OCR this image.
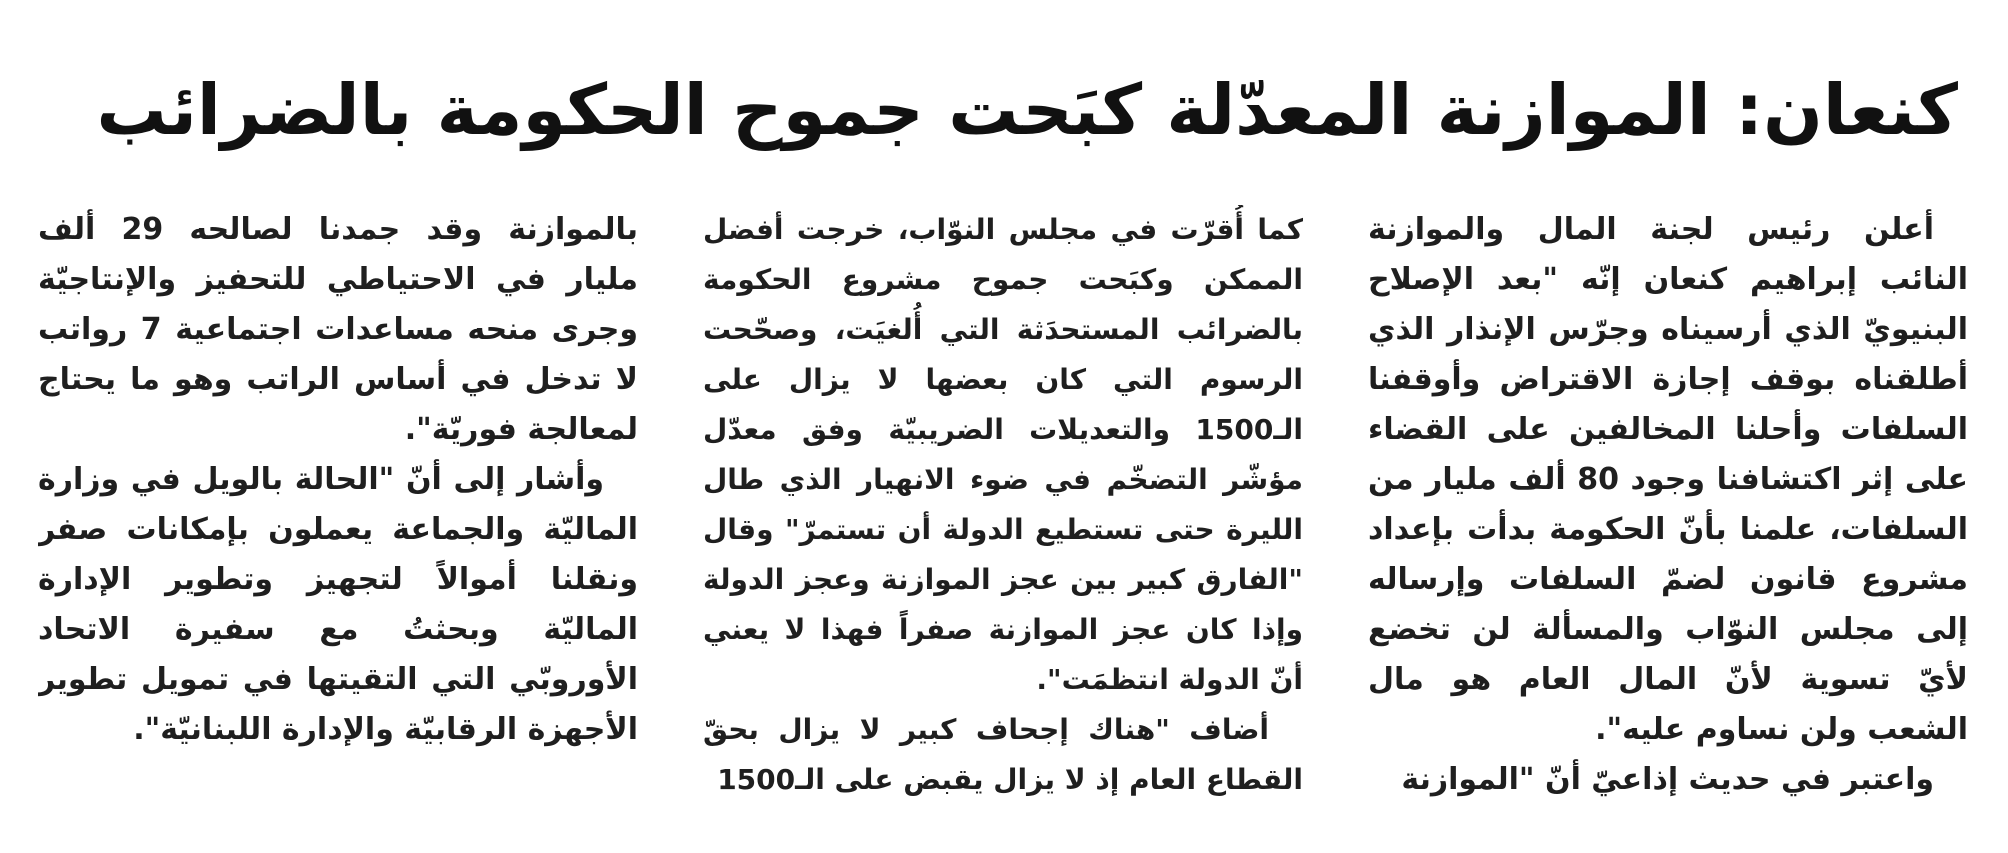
كنعان: الموازنة المعدّلة كبَحت جموح الحكومة بالضرائب

أعلن رئيس لجنة المال والموازنة النائب إبراهيم كنعان إنّه "بعد الإصلاح البنيويّ الذي أرسيناه وجرّس الإنذار الذي أطلقناه بوقف إجازة الاقتراض وأوقفنا السلفات وأحلنا المخالفين على القضاء على إثر اكتشافنا وجود 80 ألف مليار من السلفات، علمنا بأنّ الحكومة بدأت بإعداد مشروع قانون لضمّ السلفات وإرساله إلى مجلس النوّاب والمسألة لن تخضع لأيّ تسوية لأنّ المال العام هو مال الشعب ولن نساوم عليه".

واعتبر في حديث إذاعيّ أنّ "الموازنة

كما أُقرّت في مجلس النوّاب، خرجت أفضل الممكن وكبَحت جموح مشروع الحكومة بالضرائب المستحدَثة التي أُلغيَت، وصحّحت الرسوم التي كان بعضها لا يزال على الـ1500 والتعديلات الضريبيّة وفق معدّل مؤشّر التضخّم في ضوء الانهيار الذي طال الليرة حتى تستطيع الدولة أن تستمرّ" وقال "الفارق كبير بين عجز الموازنة وعجز الدولة وإذا كان عجز الموازنة صفراً فهذا لا يعني أنّ الدولة انتظمَت".

أضاف "هناك إجحاف كبير لا يزال بحقّ القطاع العام إذ لا يزال يقبض على الـ1500

بالموازنة وقد جمدنا لصالحه 29 ألف مليار في الاحتياطي للتحفيز والإنتاجيّة وجرى منحه مساعدات اجتماعية 7 رواتب لا تدخل في أساس الراتب وهو ما يحتاج لمعالجة فوريّة".

وأشار إلى أنّ "الحالة بالويل في وزارة الماليّة والجماعة يعملون بإمكانات صفر ونقلنا أموالاً لتجهيز وتطوير الإدارة الماليّة وبحثتُ مع سفيرة الاتحاد الأوروبّي التي التقيتها في تمويل تطوير الأجهزة الرقابيّة والإدارة اللبنانيّة".
